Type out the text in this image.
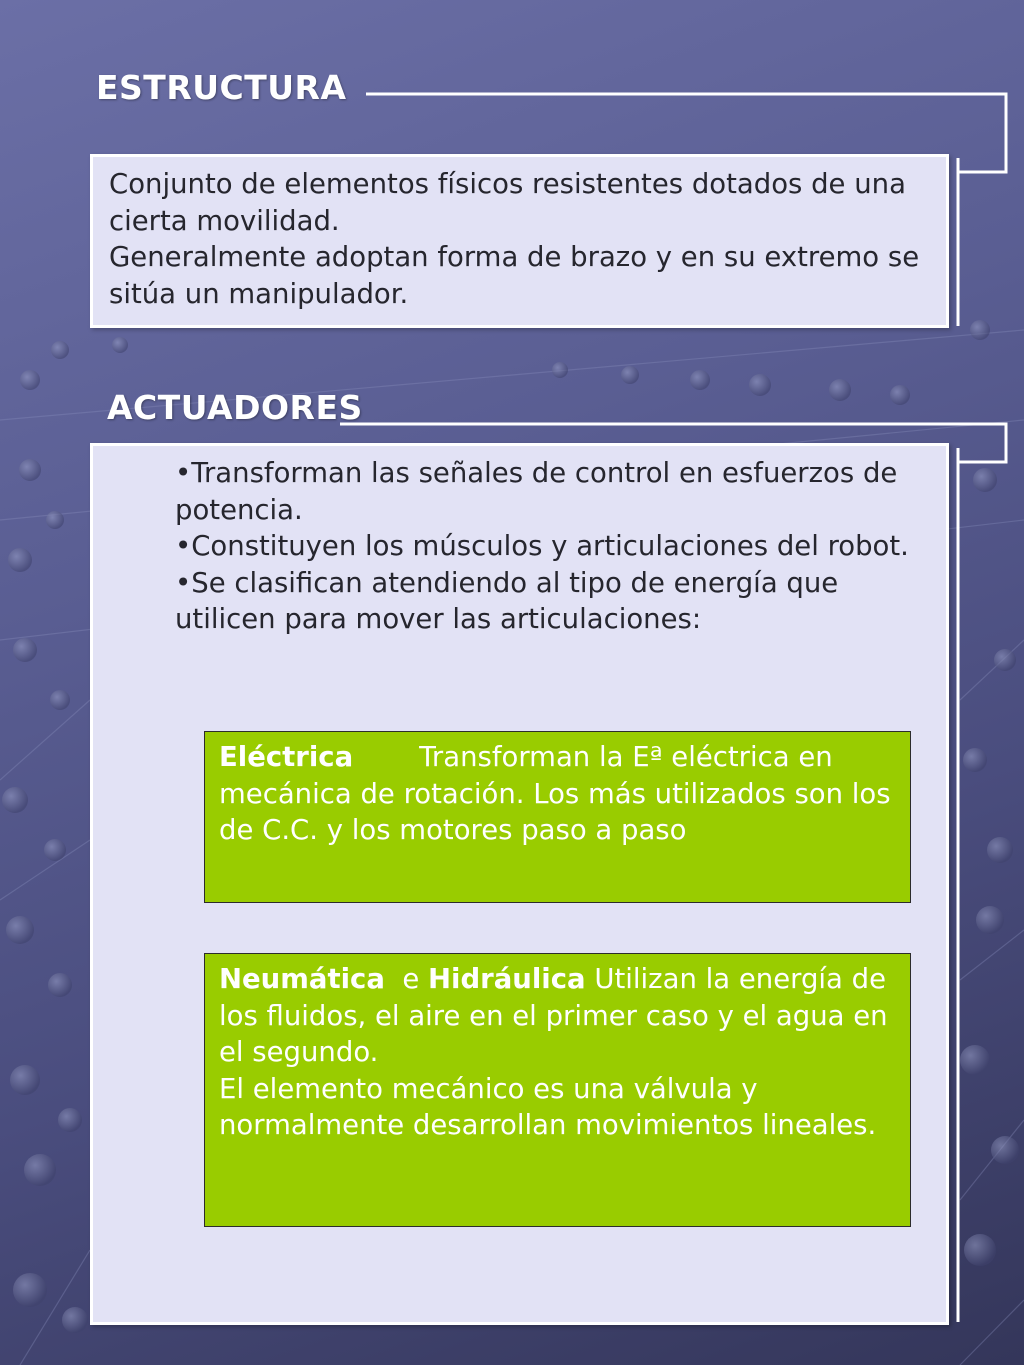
ESTRUCTURA
Conjunto de elementos físicos resistentes dotados de una cierta movilidad.
Generalmente adoptan forma de brazo y en su extremo se sitúa un manipulador.
•Transforman las señales de control en esfuerzos de potencia.
•Constituyen los músculos y articulaciones del robot.
•Se clasifican atendiendo al tipo de energía que utilicen para mover las articulaciones:
ACTUADORES
Eléctrica Transforman la Eª eléctrica en mecánica de rotación. Los más utilizados son los de C.C. y los motores paso a paso
Neumática e Hidráulica Utilizan la energía de los fluidos, el aire en el primer caso y el agua en el segundo.
El elemento mecánico es una válvula y normalmente desarrollan movimientos lineales.
